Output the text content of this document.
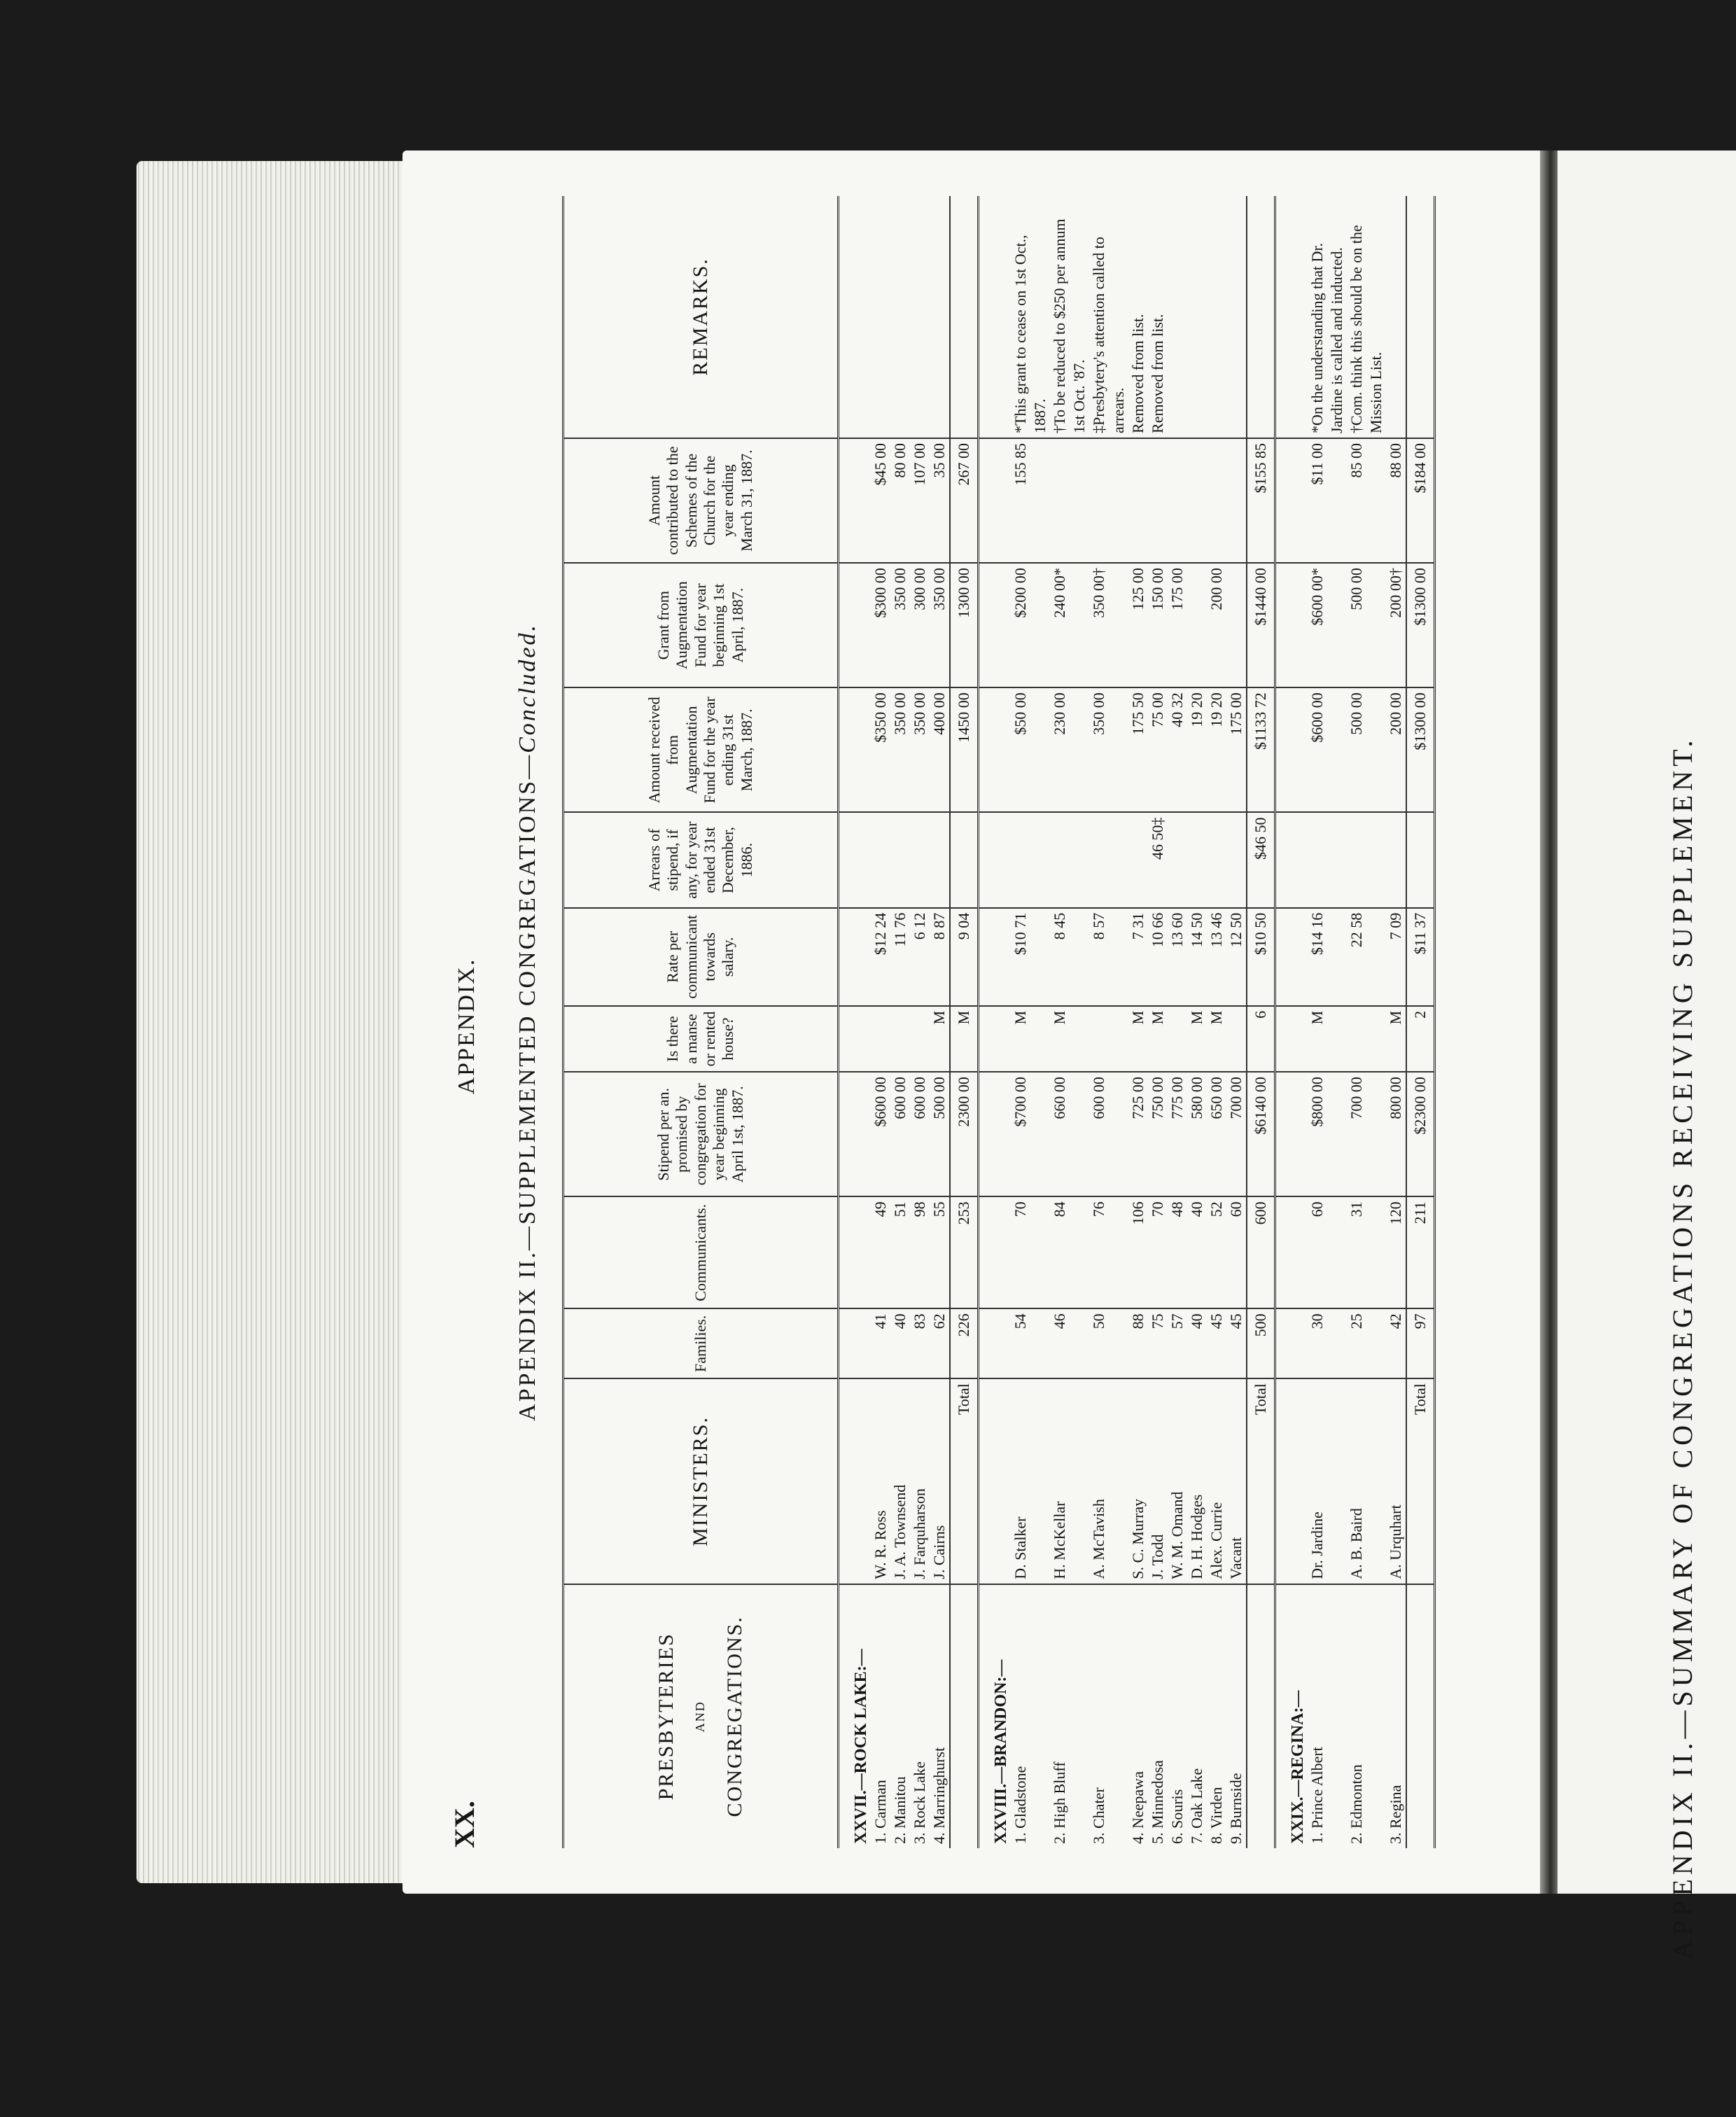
XX.
APPENDIX. APPENDIX II.—SUPPLEMENTED CONGREGATIONS—Concluded.
PRESBYTERIES AND CONGREGATIONS.	MINISTERS.	Families.	Communicants.	Stipend per an. promised by congregation for year beginning April 1st, 1887.	Is there a manse or rented house?	Rate per communicant towards salary.	Arrears of stipend, if any, for year ended 31st December, 1886.	Amount received from Augmentation Fund for the year ending 31st March, 1887.	Grant from Augmentation Fund for year beginning 1st April, 1887.	Amount contributed to the Schemes of the Church for the year ending March 31, 1887.	REMARKS.
XXVII.—ROCK LAKE:—											
1. Carman	W. R. Ross	41	49	$600 00		$12 24		$350 00	$300 00	$45 00	
2. Manitou	J. A. Townsend	40	51	600 00		11 76		350 00	350 00	80 00	
3. Rock Lake	J. Farquharson	83	98	600 00		6 12		350 00	300 00	107 00	
4. Marringhurst	J. Cairns	62	55	500 00	M	8 87		400 00	350 00	35 00	
	Total	226	253	2300 00	M	9 04		1450 00	1300 00	267 00	
XXVIII.—BRANDON:—											
1. Gladstone	D. Stalker	54	70	$700 00	M	$10 71		$50 00	$200 00	155 85	*This grant to cease on 1st Oct., 1887.
2. High Bluff	H. McKellar	46	84	660 00	M	8 45		230 00	240 00*		†To be reduced to $250 per annum 1st Oct. '87.
3. Chater	A. McTavish	50	76	600 00		8 57		350 00	350 00†		‡Presbytery's attention called to arrears.
4. Neepawa	S. C. Murray	88	106	725 00	M	7 31		175 50	125 00		Removed from list.
5. Minnedosa	J. Todd	75	70	750 00	M	10 66	46 50‡	75 00	150 00		Removed from list.
6. Souris	W. M. Omand	57	48	775 00		13 60		40 32	175 00		
7. Oak Lake	D. H. Hodges	40	40	580 00	M	14 50		19 20			
8. Virden	Alex. Currie	45	52	650 00	M	13 46		19 20	200 00		
9. Burnside	Vacant	45	60	700 00		12 50		175 00			
	Total	500	600	$6140 00	6	$10 50	$46 50	$1133 72	$1440 00	$155 85	
XXIX.—REGINA:—											
1. Prince Albert	Dr. Jardine	30	60	$800 00	M	$14 16		$600 00	$600 00*	$11 00	*On the understanding that Dr. Jardine is called and inducted.
2. Edmonton	A. B. Baird	25	31	700 00		22 58		500 00	500 00	85 00	†Com. think this should be on the Mission List.
3. Regina	A. Urquhart	42	120	800 00	M	7 09		200 00	200 00†	88 00	
	Total	97	211	$2300 00	2	$11 37		$1300 00	$1300 00	$184 00	
APPENDIX II.—SUMMARY OF CONGREGATIONS RECEIVING SUPPLEMENT.
